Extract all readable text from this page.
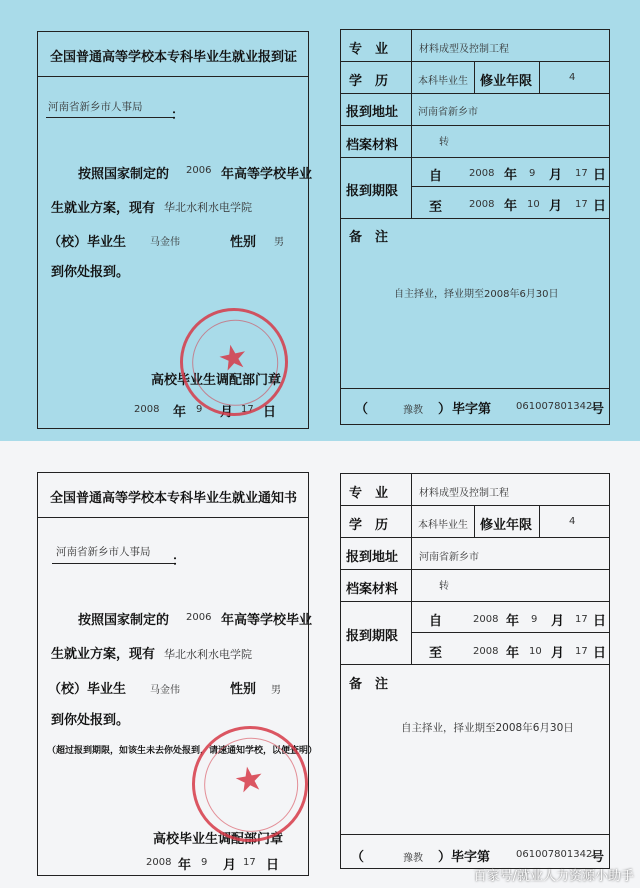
全国普通高等学校本专科毕业生就业报到证
河南省新乡市人事局
：
按照国家制定的 2006 年高等学校毕业
生就业方案，现有 华北水利水电学院
（校）毕业生 马金伟	性别 男
到你处报到。
高校毕业生调配部门章
2008 年 9 月 17 日
★
专　业	材料成型及控制工程
学　历	本科毕业生 修业年限	4
报到地址 河南省新乡市
档案材料	转
报到期限
自	2008 年 9 月 17 日
至	2008 年 10 月 17 日
备　注
自主择业，择业期至2008年6月30日
（	豫教 ） 毕字第 061007801342
号
全国普通高等学校本专科毕业生就业通知书
河南省新乡市人事局
：
按照国家制定的 2006 年高等学校毕业
生就业方案，现有 华北水利水电学院
（校）毕业生 马金伟	性别 男
到你处报到。
（超过报到期限，如该生未去你处报到，请速通知学校，以便查明）
高校毕业生调配部门章
2008 年 9 月 17 日
★
专　业	材料成型及控制工程
学　历	本科毕业生 修业年限	4
报到地址 河南省新乡市
档案材料	转
报到期限
自	2008 年 9 月 17 日
至	2008 年 10 月 17 日
备　注
自主择业，择业期至2008年6月30日
（	豫教 ） 毕字第	061007801342
号
百家号/就业人力资源小助手
